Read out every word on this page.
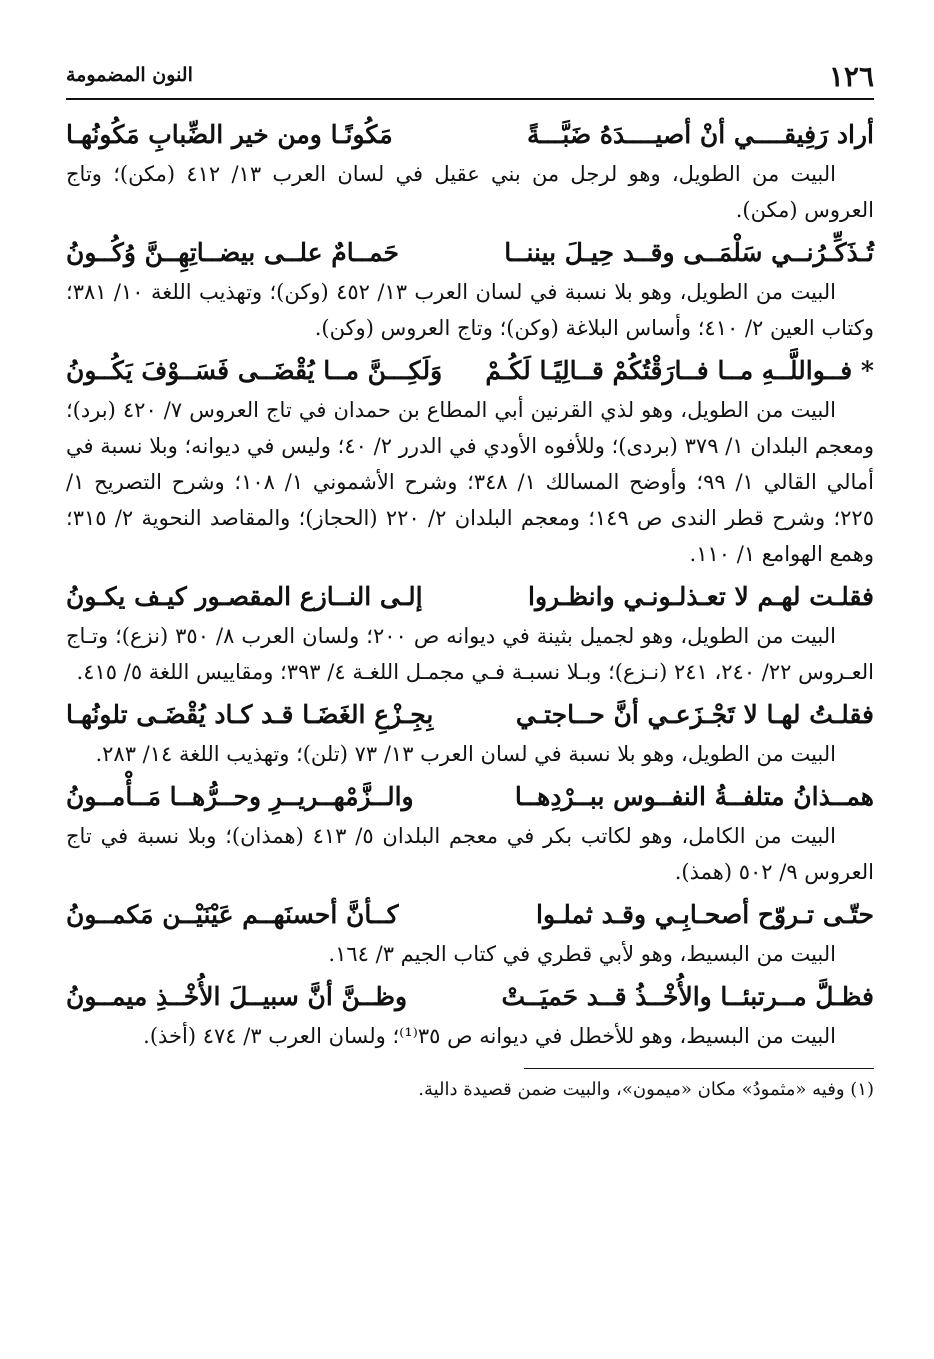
١٢٦
النون المضمومة
أراد رَفِيقــــي أنْ أصيــــدَهُ ضَبَّـــةً
مَكُونًـا ومن خير الضِّبابِ مَكُونُهـا

البيت من الطويل، وهو لرجل من بني عقيل في لسان العرب ١٣/ ٤١٢ (مكن)؛ وتاج العروس (مكن).

تُـذَكِّـرُنــي سَلْمَــى وقــد حِيـلَ بيننــا
حَمــامٌ علــى بيضــاتِهِــنَّ وُكُــونُ

البيت من الطويل، وهو بلا نسبة في لسان العرب ١٣/ ٤٥٢ (وكن)؛ وتهذيب اللغة ١٠/ ٣٨١؛ وكتاب العين ٢/ ٤١٠؛ وأساس البلاغة (وكن)؛ وتاج العروس (وكن).

* فــواللَّــهِ مــا فــارَقْتُكُمْ قــالِيًـا لَكُـمْ
وَلَكِـــنَّ مــا يُقْضَــى فَسَــوْفَ يَكُــونُ

البيت من الطويل، وهو لذي القرنين أبي المطاع بن حمدان في تاج العروس ٧/ ٤٢٠ (برد)؛ ومعجم البلدان ١/ ٣٧٩ (بردى)؛ وللأفوه الأودي في الدرر ٢/ ٤٠؛ وليس في ديوانه؛ وبلا نسبة في أمالي القالي ١/ ٩٩؛ وأوضح المسالك ١/ ٣٤٨؛ وشرح الأشموني ١/ ١٠٨؛ وشرح التصريح ١/ ٢٢٥؛ وشرح قطر الندى ص ١٤٩؛ ومعجم البلدان ٢/ ٢٢٠ (الحجاز)؛ والمقاصد النحوية ٢/ ٣١٥؛ وهمع الهوامع ١/ ١١٠.

فقلـت لهـم لا تعـذلـونـي وانظـروا
إلـى النــازع المقصـور كيـف يكـونُ

البيت من الطويل، وهو لجميل بثينة في ديوانه ص ٢٠٠؛ ولسان العرب ٨/ ٣٥٠ (نزع)؛ وتـاج العـروس ٢٢/ ٢٤٠، ٢٤١ (نـزع)؛ وبـلا نسبـة فـي مجمـل اللغـة ٤/ ٣٩٣؛ ومقاييس اللغة ٥/ ٤١٥.

فقلـتُ لهـا لا تَجْـزَعـي أنَّ حــاجتـي
بِجِـزْعِ الغَضَـا قـد كـاد يُقْضَـى تلونُهـا

البيت من الطويل، وهو بلا نسبة في لسان العرب ١٣/ ٧٣ (تلن)؛ وتهذيب اللغة ١٤/ ٢٨٣.

همــذانُ متلفــةُ النفــوس ببــرْدِهــا
والــزَّمْهــريــرِ وحــرُّهــا مَــأْمــونُ

البيت من الكامل، وهو لكاتب بكر في معجم البلدان ٥/ ٤١٣ (همذان)؛ وبلا نسبة في تاج العروس ٩/ ٥٠٢ (همذ).

حتّـى تـروّح أصحـابِـي وقـد ثملـوا
كــأنَّ أحسنَهــم عَيْنَيْــن مَكمــونُ

البيت من البسيط، وهو لأبي قطري في كتاب الجيم ٣/ ١٦٤.

فظـلَّ مــرتبئــا والأُخْــذُ قــد حَميَــتْ
وظــنَّ أنَّ سبيــلَ الأُخْــذِ ميمــونُ

البيت من البسيط، وهو للأخطل في ديوانه ص ٣٥⁽¹⁾؛ ولسان العرب ٣/ ٤٧٤ (أخذ).

(١) وفيه «مثمودُ» مكان «ميمون»، والبيت ضمن قصيدة دالية.
